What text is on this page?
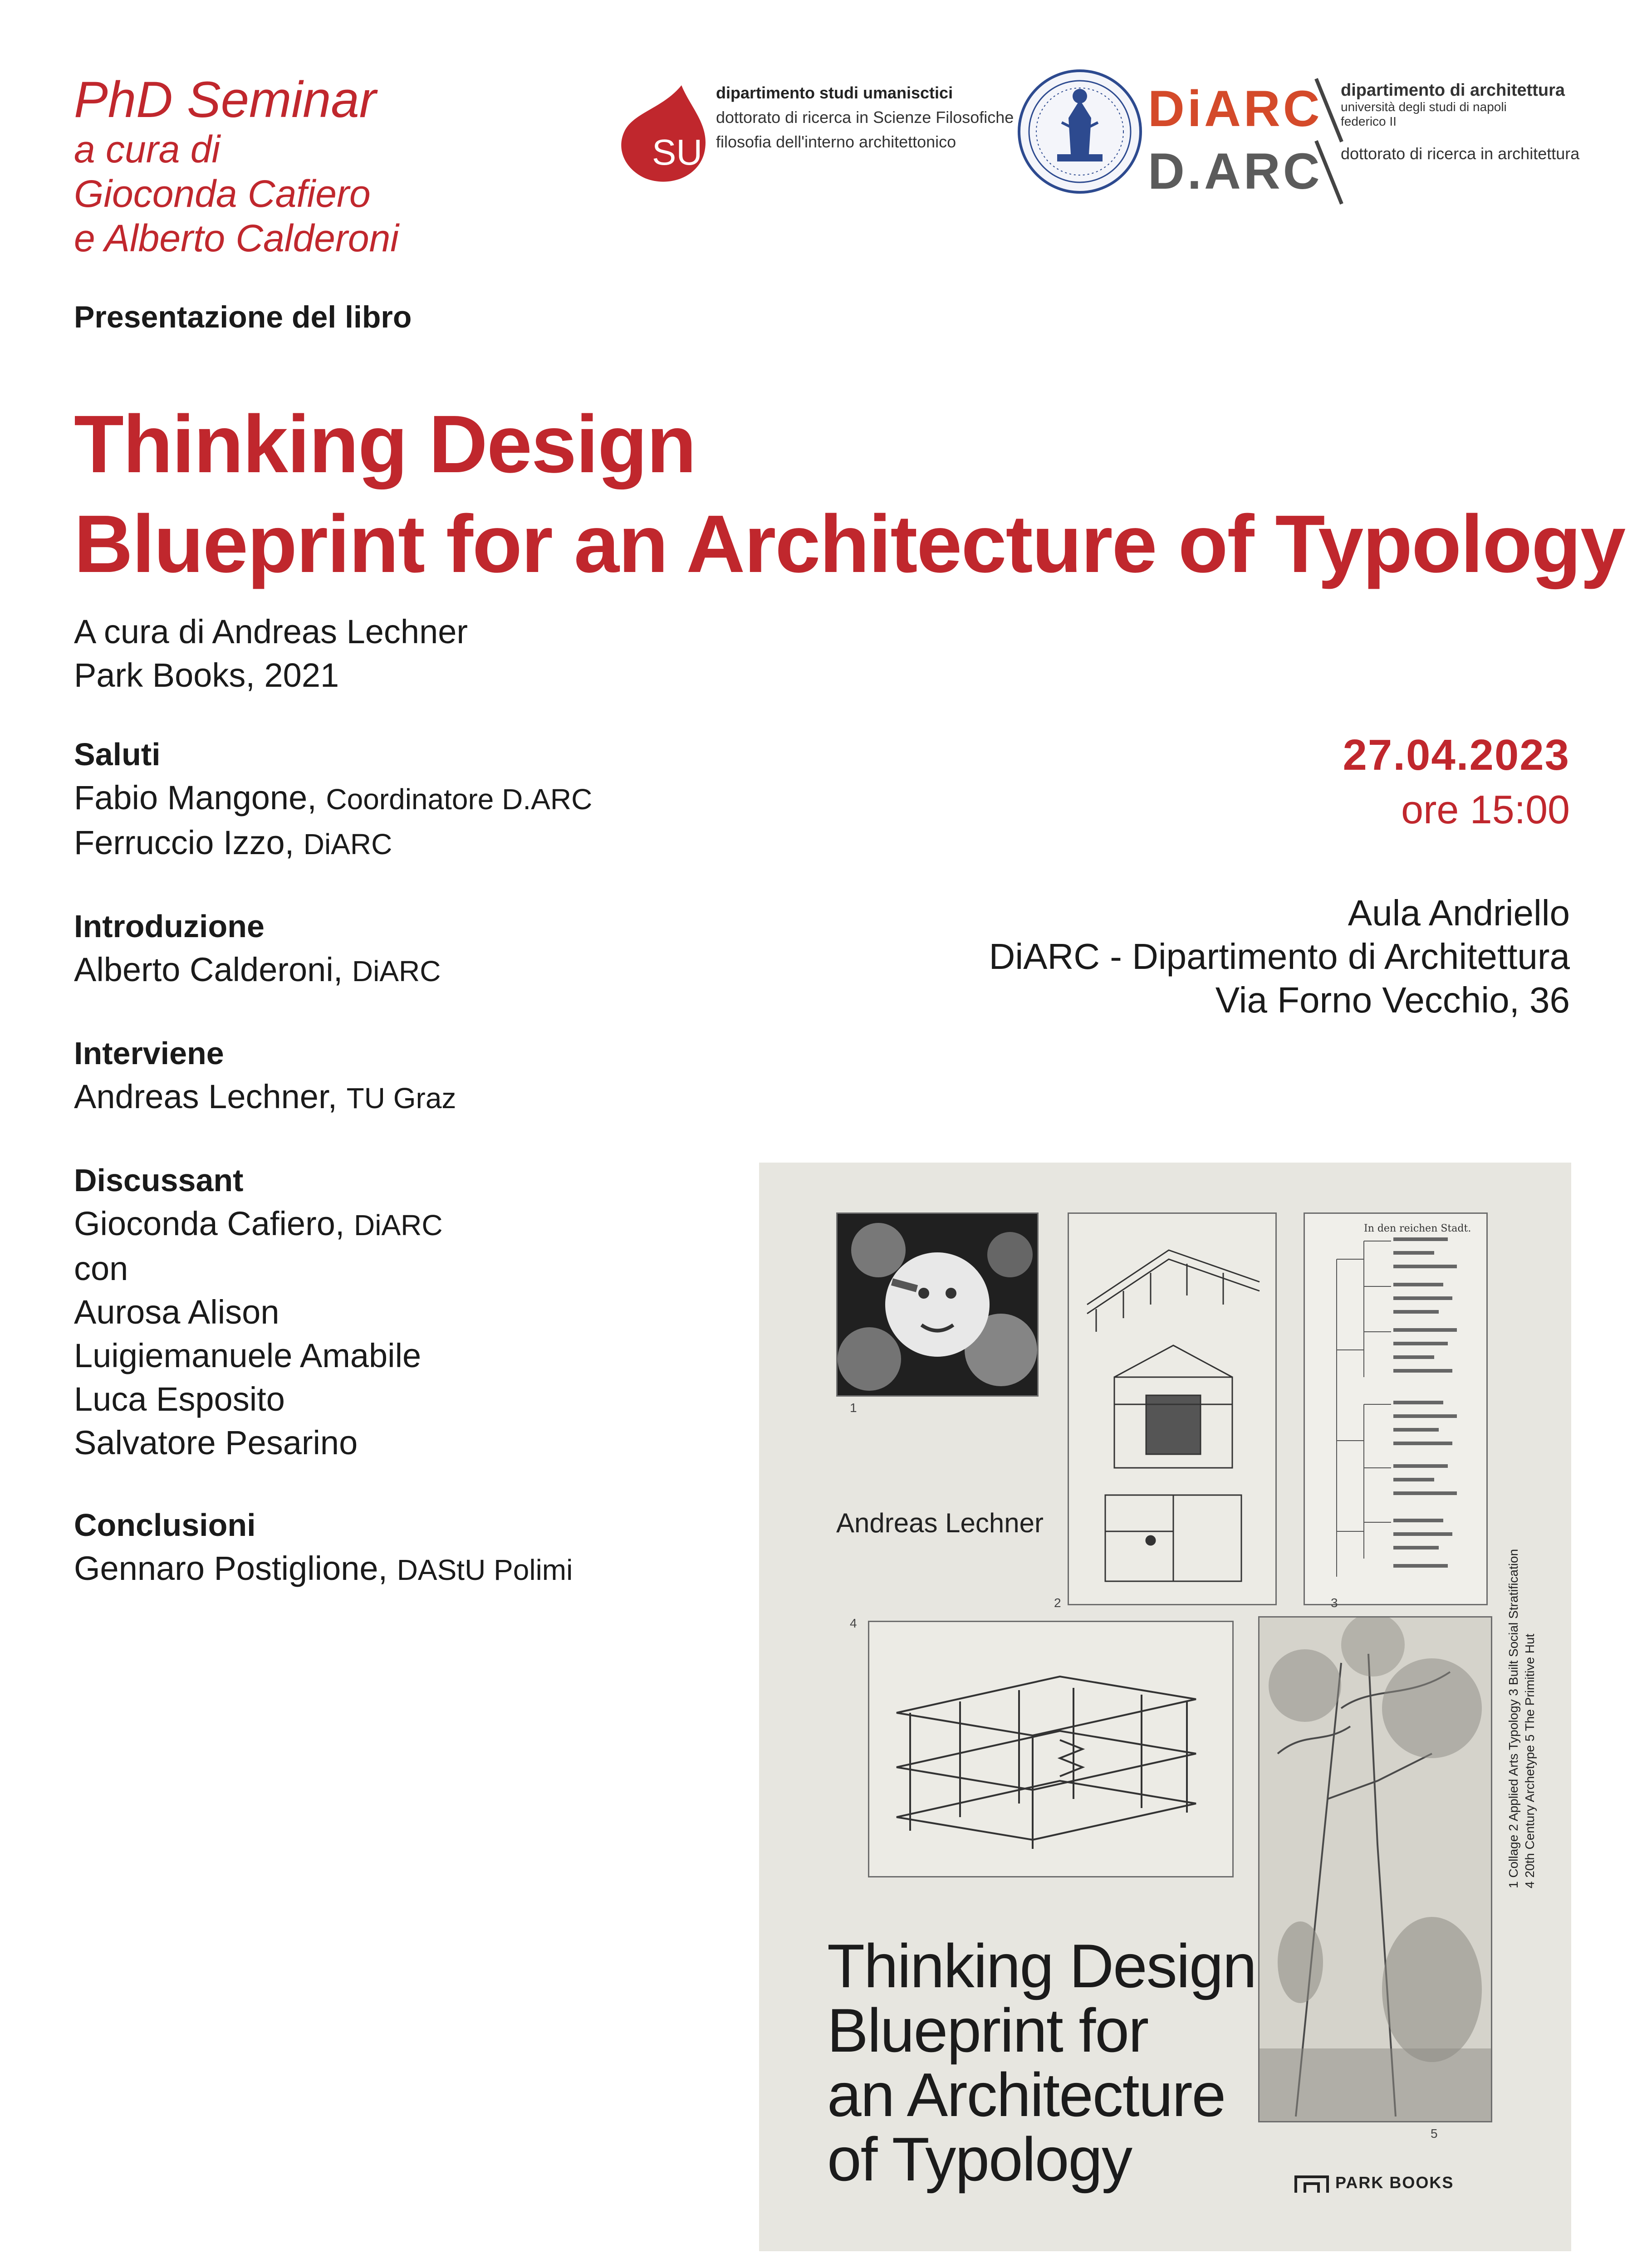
PhD Seminar
a cura di
Gioconda Cafiero
e Alberto Calderoni
SU
dipartimento studi umanisctici
dottorato di ricerca in Scienze Filosofiche
filosofia dell'interno architettonico
DiARC
D.ARC
dipartimento di architettura
università degli studi di napoli
federico II
dottorato di ricerca in architettura
Presentazione del libro
Thinking Design
Blueprint for an Architecture of Typology
A cura di Andreas Lechner
Park Books, 2021
Saluti
Fabio Mangone, Coordinatore D.ARC
Ferruccio Izzo, DiARC
Introduzione
Alberto Calderoni, DiARC
Interviene
Andreas Lechner, TU Graz
Discussant
Gioconda Cafiero, DiARC
con
Aurosa Alison
Luigiemanuele Amabile
Luca Esposito
Salvatore Pesarino
Conclusioni
Gennaro Postiglione, DAStU Polimi
27.04.2023
ore 15:00
Aula Andriello
DiARC - Dipartimento di Architettura
Via Forno Vecchio, 36
1
2
In den reichen Stadt.
3
Andreas Lechner
4
5
1 Collage 2 Applied Arts Typology 3 Built Social Stratification 4 20th Century Archetype 5 The Primitive Hut
Thinking Design
Blueprint for
an Architecture
of Typology	PARK BOOKS
